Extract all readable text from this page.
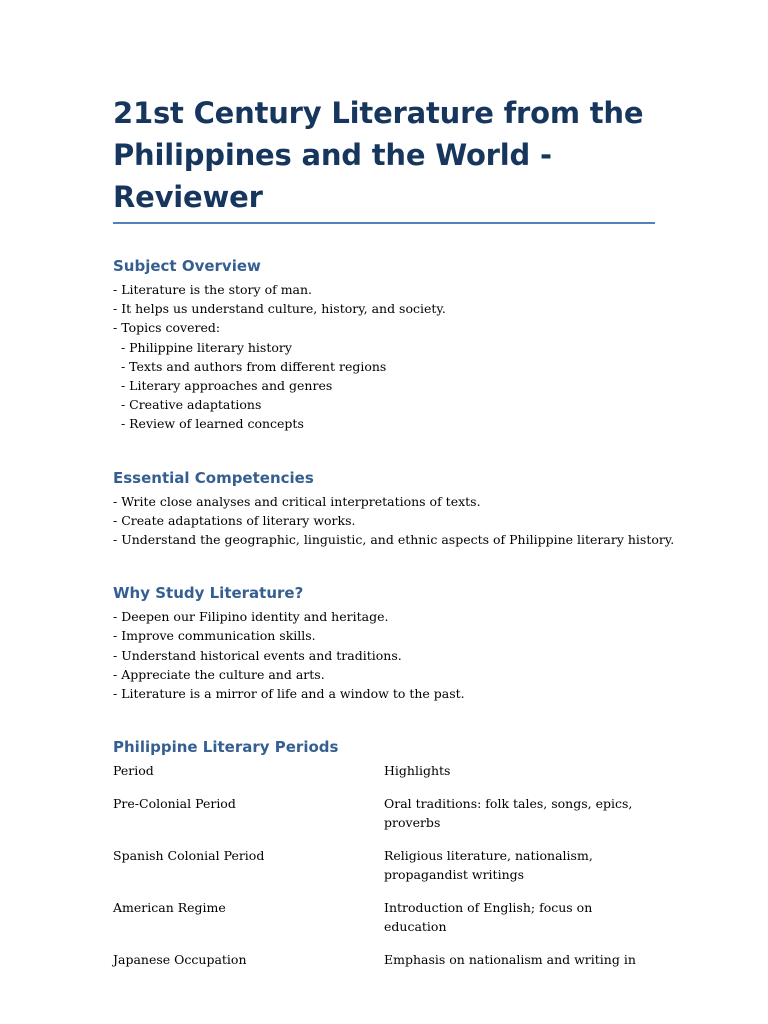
21st Century Literature from the Philippines and the World - Reviewer
Subject Overview
- Literature is the story of man.
- It helps us understand culture, history, and society.
- Topics covered:
- Philippine literary history
- Texts and authors from different regions
- Literary approaches and genres
- Creative adaptations
- Review of learned concepts
Essential Competencies
- Write close analyses and critical interpretations of texts.
- Create adaptations of literary works.
- Understand the geographic, linguistic, and ethnic aspects of Philippine literary history.
Why Study Literature?
- Deepen our Filipino identity and heritage.
- Improve communication skills.
- Understand historical events and traditions.
- Appreciate the culture and arts.
- Literature is a mirror of life and a window to the past.
Philippine Literary Periods
Period	Highlights
Pre-Colonial Period	Oral traditions: folk tales, songs, epics, proverbs
Spanish Colonial Period	Religious literature, nationalism, propagandist writings
American Regime	Introduction of English; focus on education
Japanese Occupation	Emphasis on nationalism and writing in
